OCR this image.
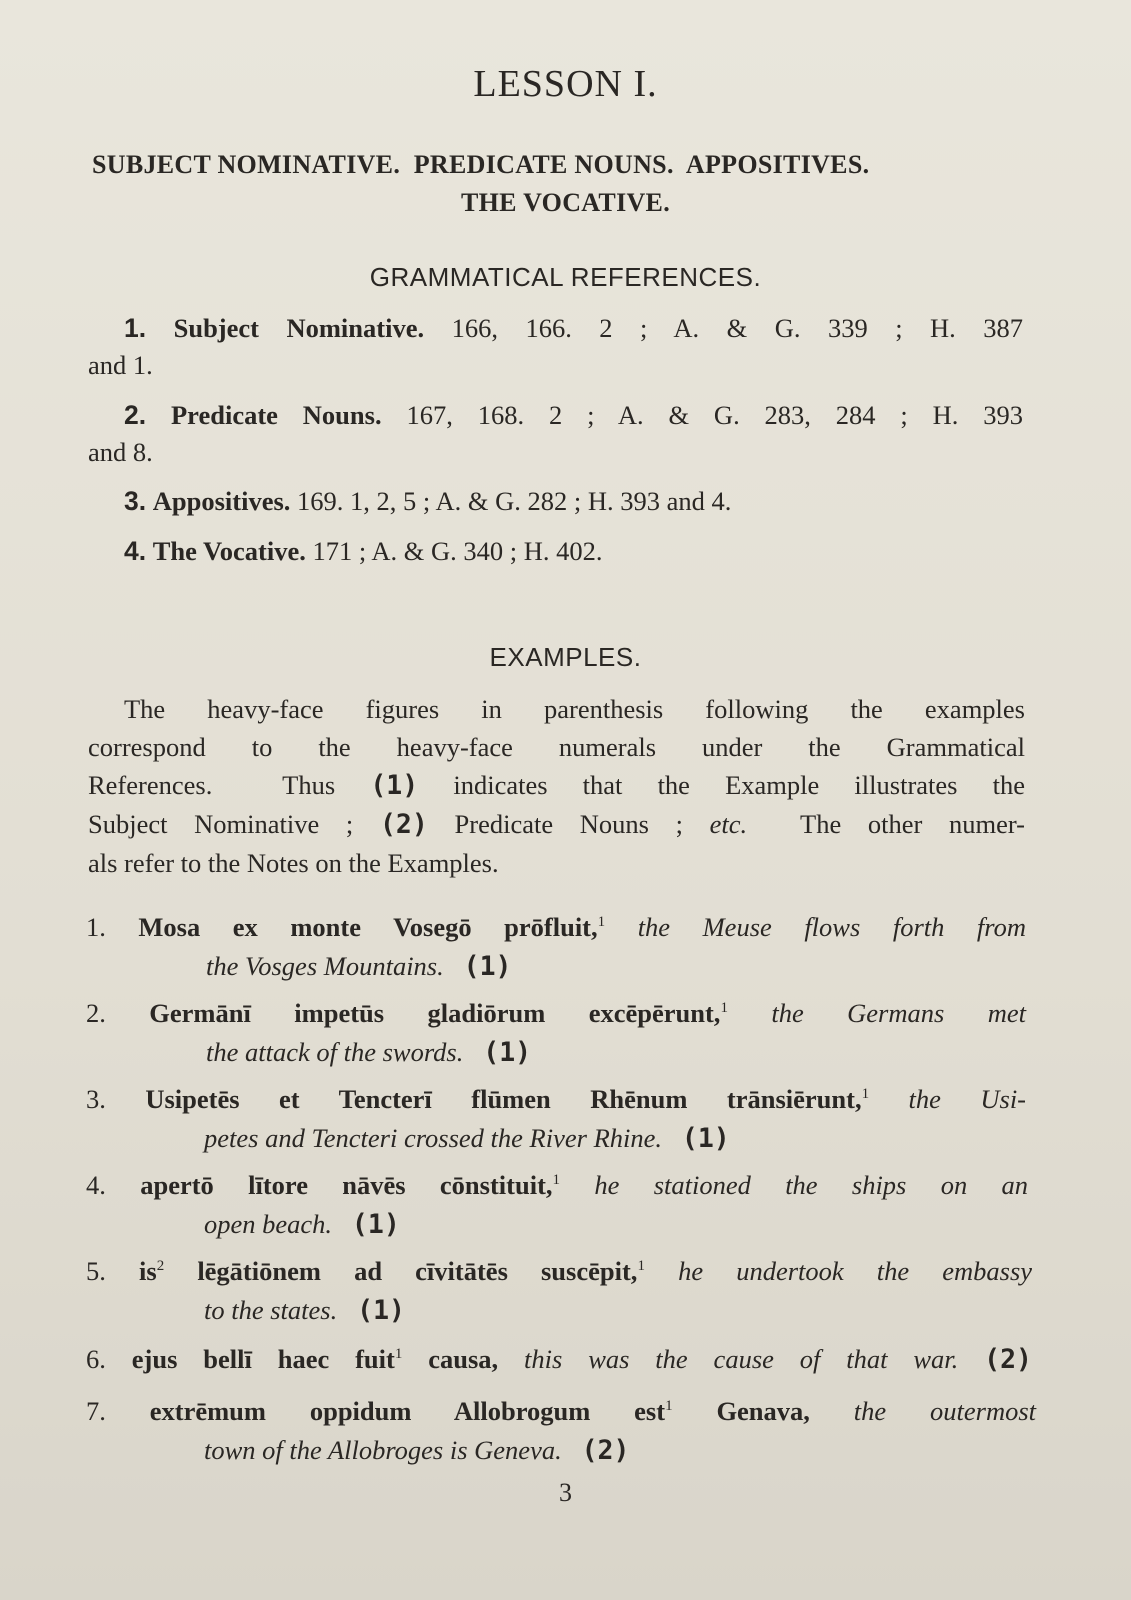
LESSON I.
SUBJECT NOMINATIVE.  PREDICATE NOUNS.  APPOSITIVES.
THE VOCATIVE.
GRAMMATICAL REFERENCES.
1. Subject Nominative. 166, 166. 2 ; A. & G. 339 ; H. 387
and 1.
2. Predicate Nouns. 167, 168. 2 ; A. & G. 283, 284 ; H. 393
and 8.
3. Appositives. 169. 1, 2, 5 ; A. & G. 282 ; H. 393 and 4.
4. The Vocative. 171 ; A. & G. 340 ; H. 402.
EXAMPLES.
The heavy-face figures in parenthesis following the examples
correspond to the heavy-face numerals under the Grammatical
References.  Thus (1) indicates that the Example illustrates the
Subject Nominative ; (2) Predicate Nouns ; etc.  The other numer-
als refer to the Notes on the Examples.
1. Mosa ex monte Vosegō prōfluit,$^1$ the Meuse flows forth from
the Vosges Mountains. (1)
2. Germānī impetūs gladiōrum excēpērunt,$^1$ the Germans met
the attack of the swords. (1)
3. Usipetēs et Tencterī flūmen Rhēnum trānsiērunt,$^1$ the Usi-
petes and Tencteri crossed the River Rhine. (1)
4. apertō lītore nāvēs cōnstituit,$^1$ he stationed the ships on an
open beach. (1)
5. $is^2$ lēgātiōnem ad cīvitātēs suscēpit,$^1$ he undertook the embassy
to the states. (1)
6. ejus bellī haec fuit$^1$ causa, this was the cause of that war. (2)
7. extrēmum oppidum Allobrogum est$^1$ Genava, the outermost
town of the Allobroges is Geneva. (2)
3
